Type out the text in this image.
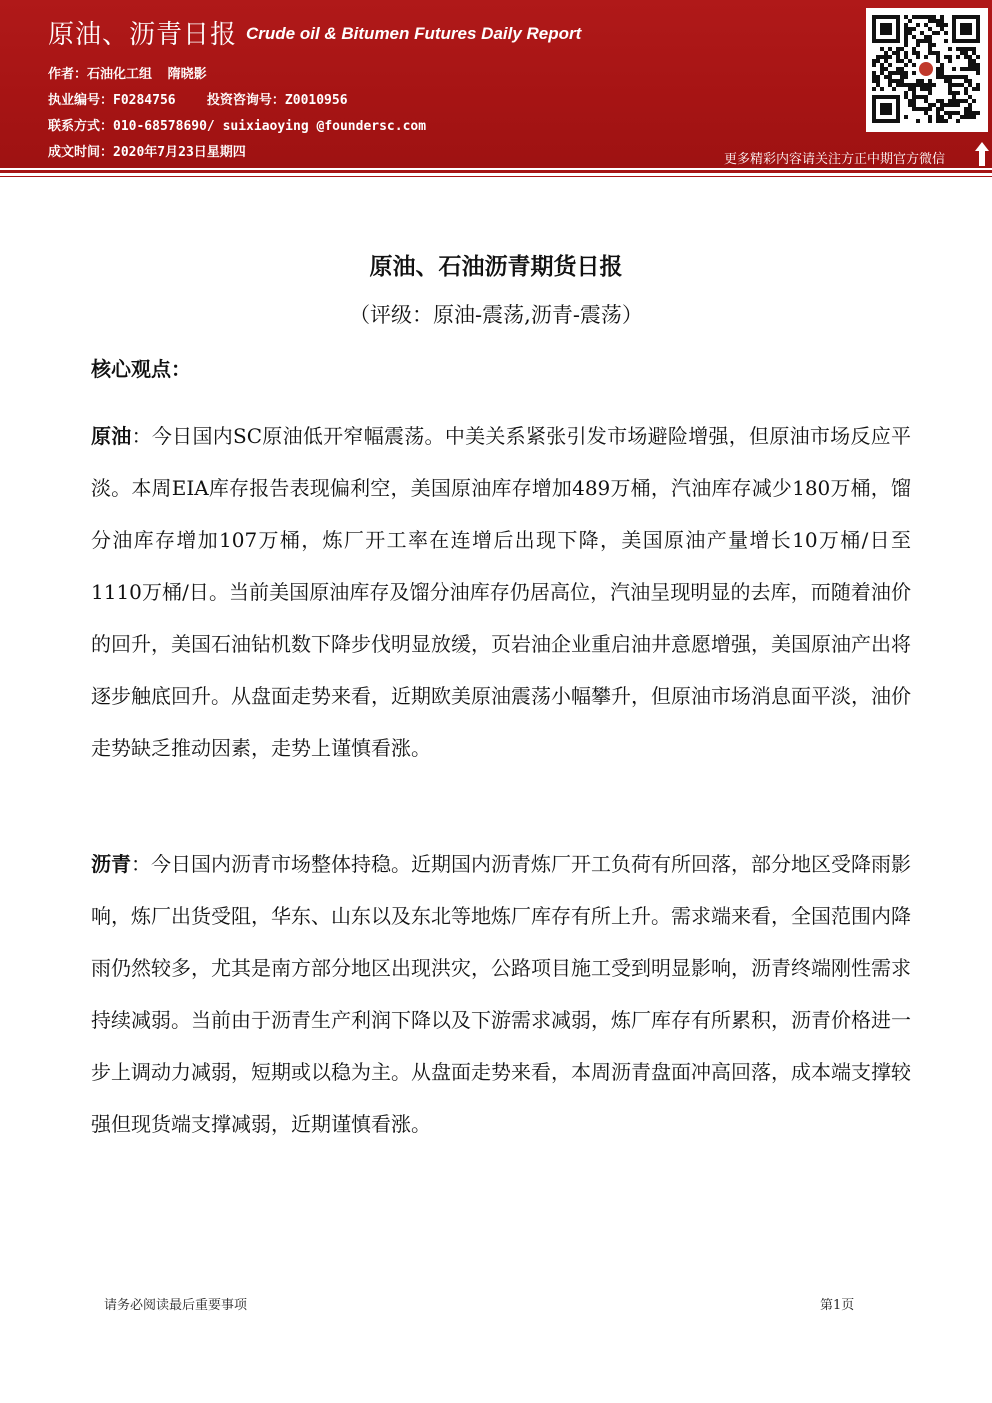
原油、沥青日报 Crude oil & Bitumen Futures Daily Report
作者：石油化工组  隋晓影
执业编号：F0284756    投资咨询号：Z0010956
联系方式：010-68578690/ suixiaoying @foundersc.com
成文时间：2020年7月23日星期四	更多精彩内容请关注方正中期官方微信
原油、石油沥青期货日报
（评级：原油-震荡,沥青-震荡）
核心观点：
原油：今日国内SC原油低开窄幅震荡。中美关系紧张引发市场避险增强，但原油市场反应平淡。本周EIA库存报告表现偏利空，美国原油库存增加489万桶，汽油库存减少180万桶，馏分油库存增加107万桶，炼厂开工率在连增后出现下降，美国原油产量增长10万桶/日至1110万桶/日。当前美国原油库存及馏分油库存仍居高位，汽油呈现明显的去库，而随着油价的回升，美国石油钻机数下降步伐明显放缓，页岩油企业重启油井意愿增强，美国原油产出将逐步触底回升。从盘面走势来看，近期欧美原油震荡小幅攀升，但原油市场消息面平淡，油价走势缺乏推动因素，走势上谨慎看涨。
沥青：今日国内沥青市场整体持稳。近期国内沥青炼厂开工负荷有所回落，部分地区受降雨影响，炼厂出货受阻，华东、山东以及东北等地炼厂库存有所上升。需求端来看，全国范围内降雨仍然较多，尤其是南方部分地区出现洪灾，公路项目施工受到明显影响，沥青终端刚性需求持续减弱。当前由于沥青生产利润下降以及下游需求减弱，炼厂库存有所累积，沥青价格进一步上调动力减弱，短期或以稳为主。从盘面走势来看，本周沥青盘面冲高回落，成本端支撑较强但现货端支撑减弱，近期谨慎看涨。
请务必阅读最后重要事项	第1页
